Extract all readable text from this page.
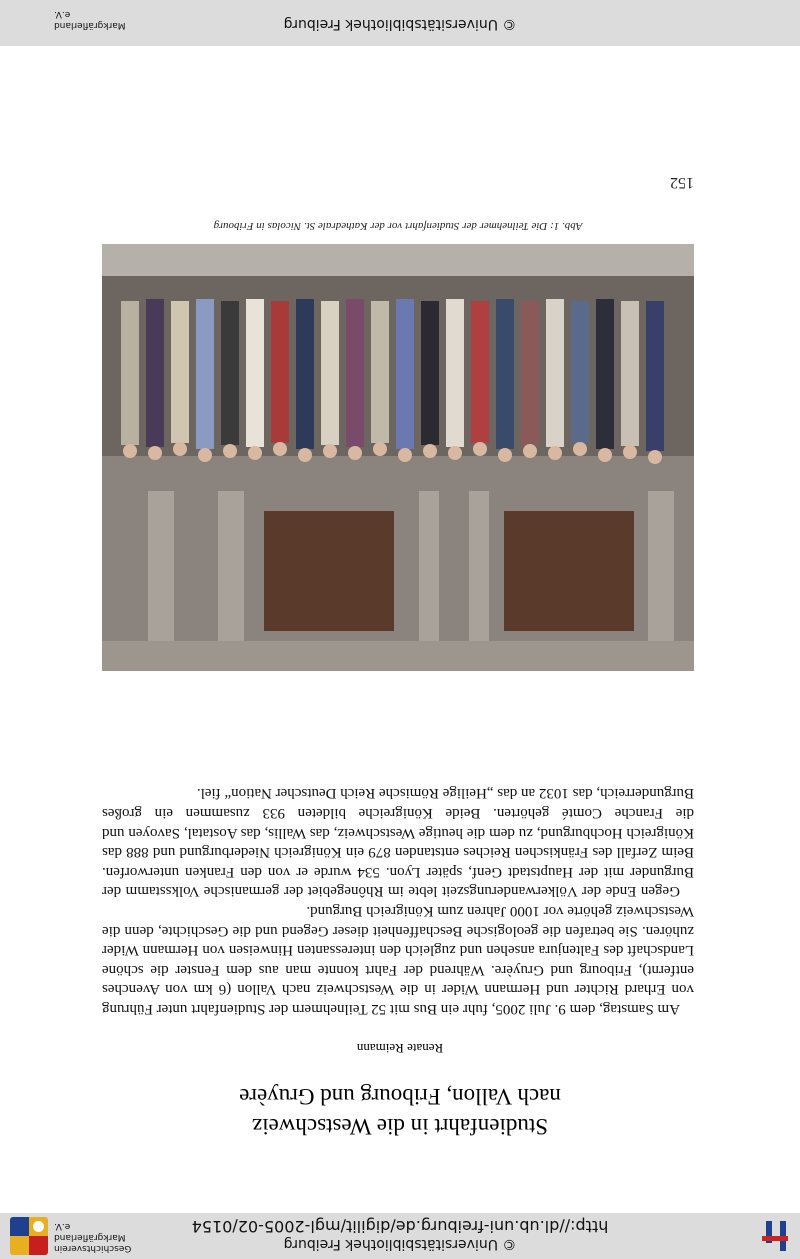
© Universitätsbibliothek Freiburg
http://dl.ub.uni-freiburg.de/digilit/mgl-2005-02/0154
Geschichtsverein
Markgräflerland e.V.
Studienfahrt in die Westschweiz
nach Vallon, Fribourg und Gruyère
Renate Reimann

Am Samstag, dem 9. Juli 2005, fuhr ein Bus mit 52 Teilnehmern der Studienfahrt unter Führung von Erhard Richter und Hermann Wider in die Westschweiz nach Vallon (6 km von Avenches entfernt), Fribourg und Gruyère. Während der Fahrt konnte man aus dem Fenster die schöne Landschaft des Faltenjura ansehen und zugleich den interessanten Hinweisen von Hermann Wider zuhören. Sie betrafen die geologische Beschaffenheit dieser Gegend und die Geschichte, denn die Westschweiz gehörte vor 1000 Jahren zum Königreich Burgund.

Gegen Ende der Völkerwanderungszeit lebte im Rhônegebiet der germanische Volksstamm der Burgunder mit der Hauptstadt Genf, später Lyon. 534 wurde er von den Franken unterworfen. Beim Zerfall des Fränkischen Reiches entstanden 879 ein Königreich Niederburgund und 888 das Königreich Hochburgund, zu dem die heutige Westschweiz, das Wallis, das Aostatal, Savoyen und die Franche Comté gehörten. Beide Königreiche bildeten 933 zusammen ein großes Burgunderreich, das 1032 an das „Heilige Römische Reich Deutscher Nation“ fiel.

Abb. 1: Die Teilnehmer der Studienfahrt vor der Kathedrale St. Nicolas in Fribourg
152
© Universitätsbibliothek Freiburg
Markgräflerland e.V.
